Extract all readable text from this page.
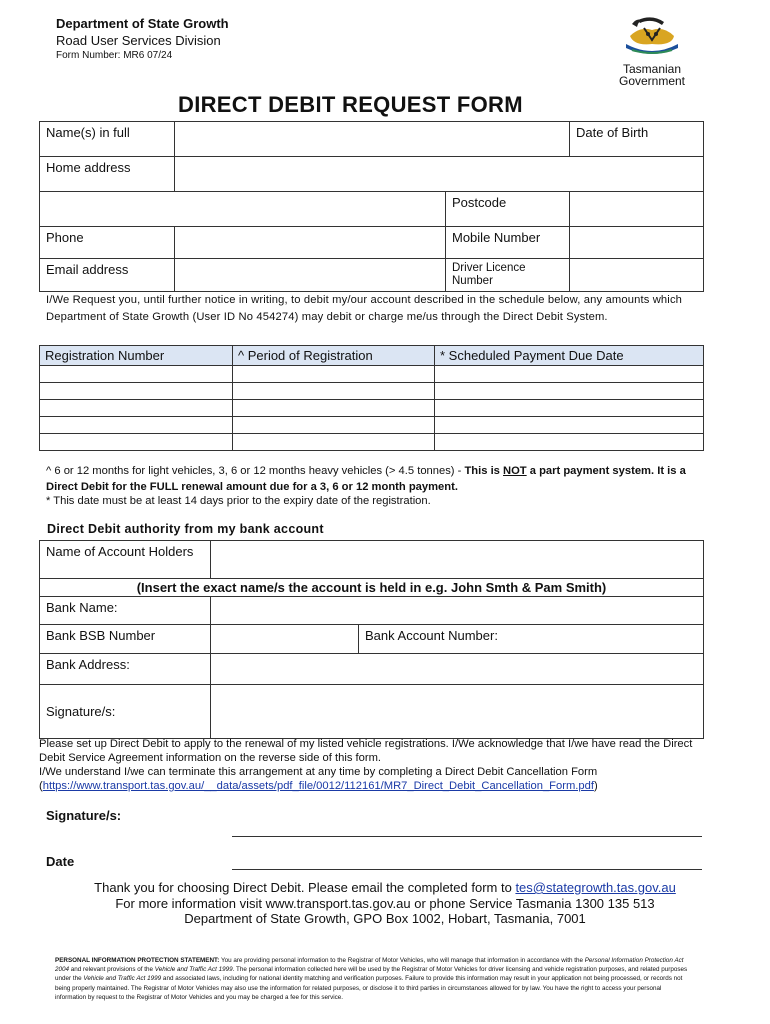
Department of State Growth
Road User Services Division
Form Number: MR6 07/24
Tasmanian
Government
DIRECT DEBIT REQUEST FORM
Name(s) in full			Date of Birth
Home address			
		Postcode	
Phone		Mobile Number	
Email address		Driver Licence Number	
I/We Request you, until further notice in writing, to debit my/our account described in the schedule below, any amounts which Department of State Growth (User ID No 454274) may debit or charge me/us through the Direct Debit System.
Registration Number	^ Period of Registration	* Scheduled Payment Due Date

^ 6 or 12 months for light vehicles, 3, 6 or 12 months heavy vehicles (> 4.5 tonnes) - This is NOT a part payment system. It is a Direct Debit for the FULL renewal amount due for a 3, 6 or 12 month payment.
* This date must be at least 14 days prior to the expiry date of the registration.
Direct Debit authority from my bank account
Name of Account Holders		
(Insert the exact name/s the account is held in e.g. John Smth & Pam Smith)		
Bank Name:		
Bank BSB Number		Bank Account Number:
Bank Address:		
Signature/s:		
Please set up Direct Debit to apply to the renewal of my listed vehicle registrations. I/We acknowledge that I/we have read the Direct Debit Service Agreement information on the reverse side of this form.
I/We understand I/we can terminate this arrangement at any time by completing a Direct Debit Cancellation Form
(https://www.transport.tas.gov.au/__data/assets/pdf_file/0012/112161/MR7_Direct_Debit_Cancellation_Form.pdf)
Signature/s:
Date
Thank you for choosing Direct Debit. Please email the completed form to tes@stategrowth.tas.gov.au
For more information visit www.transport.tas.gov.au or phone Service Tasmania 1300 135 513
Department of State Growth, GPO Box 1002, Hobart, Tasmania, 7001
PERSONAL INFORMATION PROTECTION STATEMENT: You are providing personal information to the Registrar of Motor Vehicles, who will manage that information in accordance with the Personal Information Protection Act 2004 and relevant provisions of the Vehicle and Traffic Act 1999. The personal information collected here will be used by the Registrar of Motor Vehicles for driver licensing and vehicle registration purposes, and related purposes under the Vehicle and Traffic Act 1999 and associated laws, including for national identity matching and verification purposes. Failure to provide this information may result in your application not being processed, or records not being properly maintained. The Registrar of Motor Vehicles may also use the information for related purposes, or disclose it to third parties in circumstances allowed for by law. You have the right to access your personal information by request to the Registrar of Motor Vehicles and you may be charged a fee for this service.
